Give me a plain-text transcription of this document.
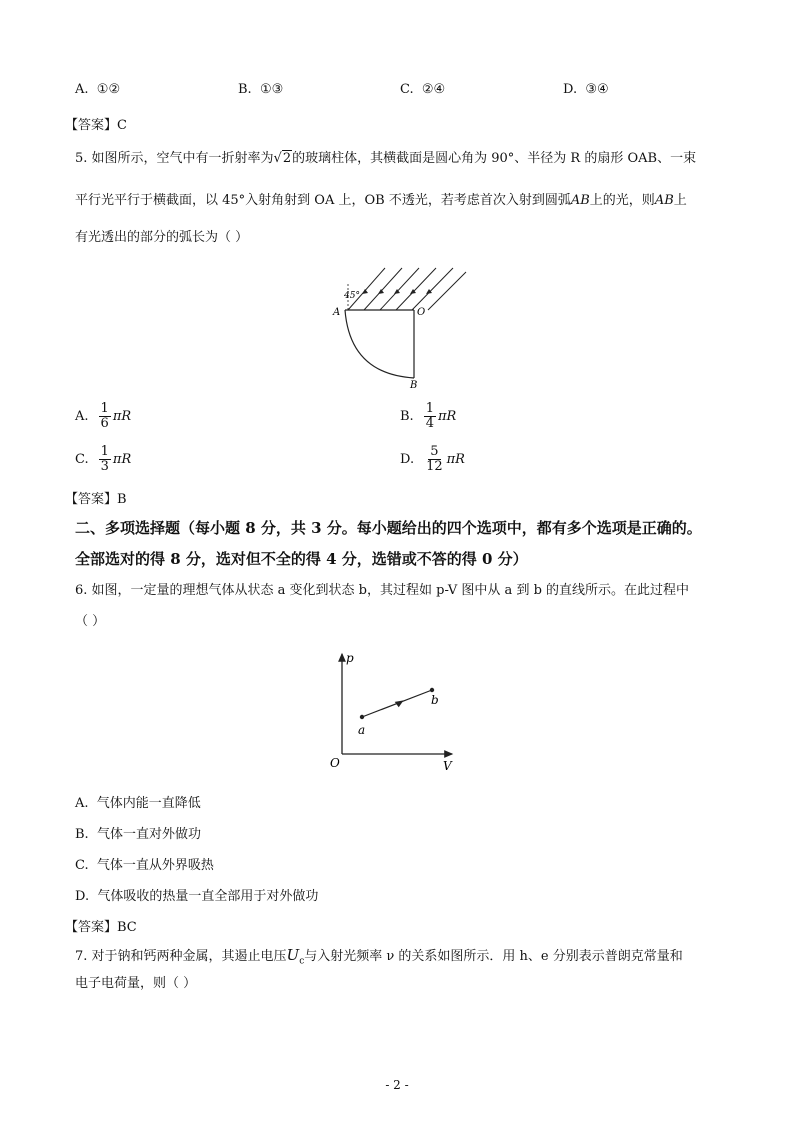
A. ①②	B. ①③	C. ②④	D. ③④
【答案】C
5. 如图所示，空气中有一折射率为√2的玻璃柱体，其横截面是圆心角为 90°、半径为 R 的扇形 OAB、一束
平行光平行于横截面，以 45°入射角射到 OA 上，OB 不透光，若考虑首次入射到圆弧AB上的光，则AB上
有光透出的部分的弧长为（ ）
45°
A	O
B
A. $\frac{1}{6}$ πR	B. $\frac{1}{4}$ πR
C. $\frac{1}{3}$ πR	D. $\frac{5}{12}$ πR
【答案】B
二、多项选择题（每小题 8 分，共 3 分。每小题给出的四个选项中，都有多个选项是正确的。
全部选对的得 8 分，选对但不全的得 4 分，选错或不答的得 0 分）
6. 如图，一定量的理想气体从状态 a 变化到状态 b，其过程如 p-V 图中从 a 到 b 的直线所示。在此过程中
（ ）
p
V
O
a
b
A. 气体内能一直降低
B. 气体一直对外做功
C. 气体一直从外界吸热
D. 气体吸收的热量一直全部用于对外做功
【答案】BC
7. 对于钠和钙两种金属，其遏止电压$U_c$与入射光频率 ν 的关系如图所示．用 h、e 分别表示普朗克常量和
电子电荷量，则（ ）
- 2 -
